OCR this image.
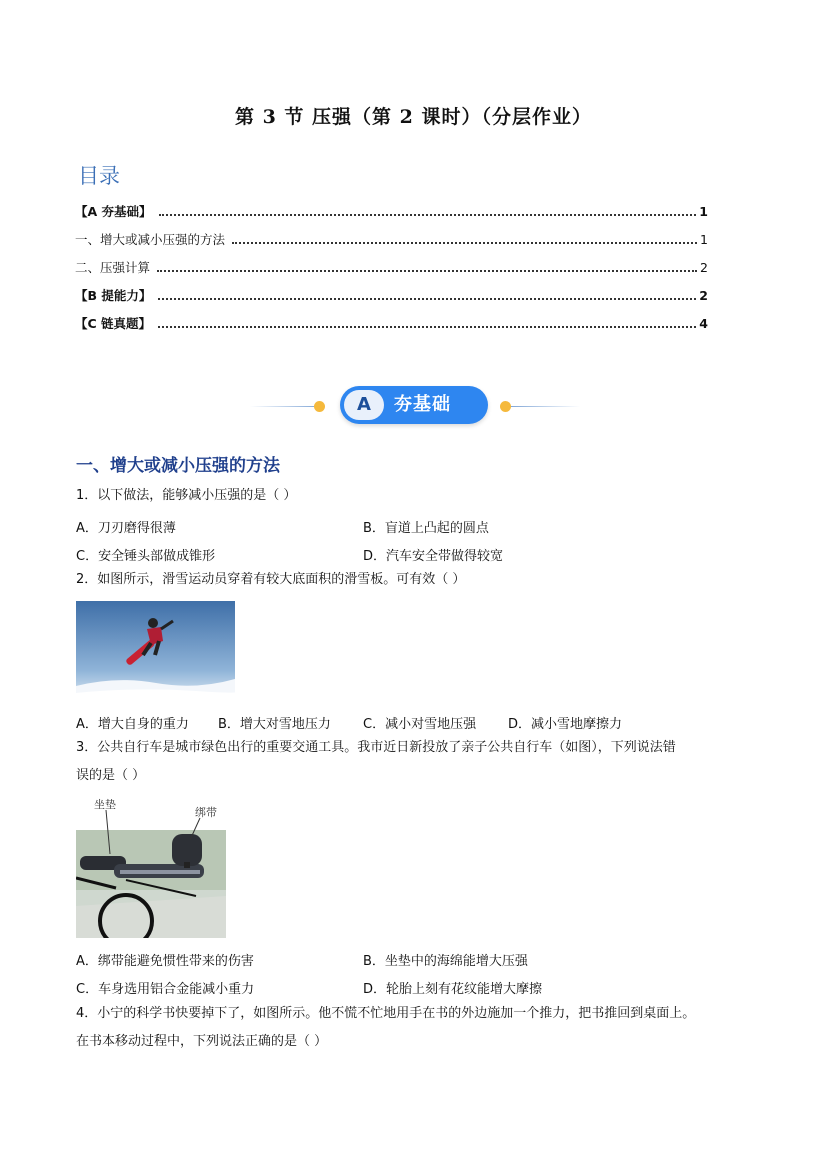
第 3 节 压强（第 2 课时）（分层作业）
目录
【A 夯基础】	1
一、增大或减小压强的方法	1
二、压强计算	2
【B 提能力】	2
【C 链真题】	4
A	夯基础
一、增大或减小压强的方法
1．以下做法，能够减小压强的是（ ）
A．刀刃磨得很薄	B．盲道上凸起的圆点
C．安全锤头部做成锥形	D．汽车安全带做得较宽
2．如图所示，滑雪运动员穿着有较大底面积的滑雪板。可有效（ ）
A．增大自身的重力 B．增大对雪地压力 C．减小对雪地压强 D．减小雪地摩擦力
3．公共自行车是城市绿色出行的重要交通工具。我市近日新投放了亲子公共自行车（如图），下列说法错
误的是（ ）
坐垫
绑带
A．绑带能避免惯性带来的伤害	B．坐垫中的海绵能增大压强
C．车身选用铝合金能减小重力	D．轮胎上刻有花纹能增大摩擦
4．小宁的科学书快要掉下了，如图所示。他不慌不忙地用手在书的外边施加一个推力，把书推回到桌面上。
在书本移动过程中，下列说法正确的是（ ）
